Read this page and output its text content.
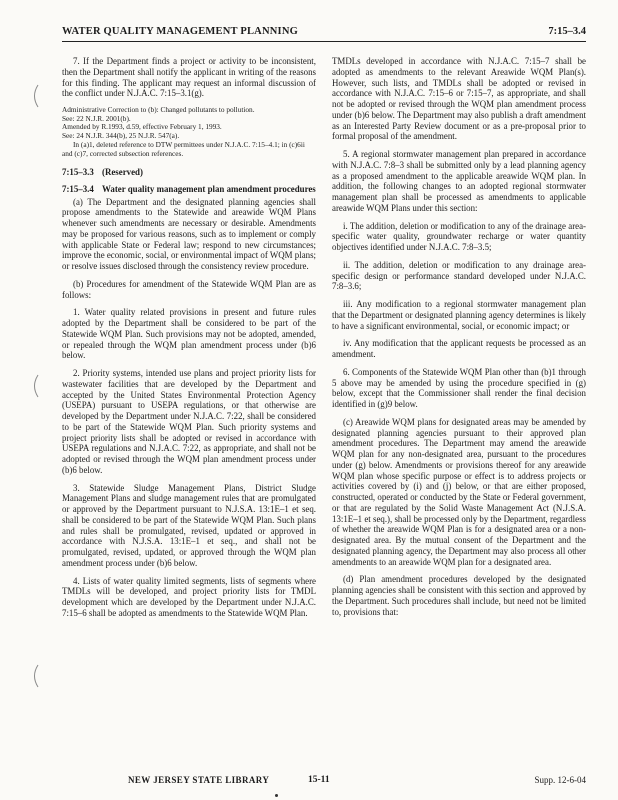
WATER QUALITY MANAGEMENT PLANNING	7:15–3.4

7. If the Department finds a project or activity to be inconsistent, then the Department shall notify the applicant in writing of the reasons for this finding. The applicant may request an informal discussion of the conflict under N.J.A.C. 7:15–3.1(g).

Administrative Correction to (b): Changed pollutants to pollution.

See: 22 N.J.R. 2001(b).

Amended by R.1993, d.59, effective February 1, 1993.

See: 24 N.J.R. 344(b), 25 N.J.R. 547(a).

In (a)1, deleted reference to DTW permittees under N.J.A.C. 7:15–4.1; in (c)6ii and (c)7, corrected subsection references.

7:15–3.3 (Reserved)
7:15–3.4 Water quality management plan amendment procedures

(a) The Department and the designated planning agencies shall propose amendments to the Statewide and areawide WQM Plans whenever such amendments are necessary or desirable. Amendments may be proposed for various reasons, such as to implement or comply with applicable State or Federal law; respond to new circumstances; improve the economic, social, or environmental impact of WQM plans; or resolve issues disclosed through the consistency review procedure.

(b) Procedures for amendment of the Statewide WQM Plan are as follows:

1. Water quality related provisions in present and future rules adopted by the Department shall be considered to be part of the Statewide WQM Plan. Such provisions may not be adopted, amended, or repealed through the WQM plan amendment process under (b)6 below.

2. Priority systems, intended use plans and project priority lists for wastewater facilities that are developed by the Department and accepted by the United States Environmental Protection Agency (USEPA) pursuant to USEPA regulations, or that otherwise are developed by the Department under N.J.A.C. 7:22, shall be considered to be part of the Statewide WQM Plan. Such priority systems and project priority lists shall be adopted or revised in accordance with USEPA regulations and N.J.A.C. 7:22, as appropriate, and shall not be adopted or revised through the WQM plan amendment process under (b)6 below.

3. Statewide Sludge Management Plans, District Sludge Management Plans and sludge management rules that are promulgated or approved by the Department pursuant to N.J.S.A. 13:1E–1 et seq. shall be considered to be part of the Statewide WQM Plan. Such plans and rules shall be promulgated, revised, updated or approved in accordance with N.J.S.A. 13:1E–1 et seq., and shall not be promulgated, revised, updated, or approved through the WQM plan amendment process under (b)6 below.

4. Lists of water quality limited segments, lists of segments where TMDLs will be developed, and project priority lists for TMDL development which are developed by the Department under N.J.A.C. 7:15–6 shall be adopted as amendments to the Statewide WQM Plan.

TMDLs developed in accordance with N.J.A.C. 7:15–7 shall be adopted as amendments to the relevant Areawide WQM Plan(s). However, such lists, and TMDLs shall be adopted or revised in accordance with N.J.A.C. 7:15–6 or 7:15–7, as appropriate, and shall not be adopted or revised through the WQM plan amendment process under (b)6 below. The Department may also publish a draft amendment as an Interested Party Review document or as a pre-proposal prior to formal proposal of the amendment.

5. A regional stormwater management plan prepared in accordance with N.J.A.C. 7:8–3 shall be submitted only by a lead planning agency as a proposed amendment to the applicable areawide WQM plan. In addition, the following changes to an adopted regional stormwater management plan shall be processed as amendments to applicable areawide WQM Plans under this section:

i. The addition, deletion or modification to any of the drainage area-specific water quality, groundwater recharge or water quantity objectives identified under N.J.A.C. 7:8–3.5;

ii. The addition, deletion or modification to any drainage area-specific design or performance standard developed under N.J.A.C. 7:8–3.6;

iii. Any modification to a regional stormwater management plan that the Department or designated planning agency determines is likely to have a significant environmental, social, or economic impact; or

iv. Any modification that the applicant requests be processed as an amendment.

6. Components of the Statewide WQM Plan other than (b)1 through 5 above may be amended by using the procedure specified in (g) below, except that the Commissioner shall render the final decision identified in (g)9 below.

(c) Areawide WQM plans for designated areas may be amended by designated planning agencies pursuant to their approved plan amendment procedures. The Department may amend the areawide WQM plan for any non-designated area, pursuant to the procedures under (g) below. Amendments or provisions thereof for any areawide WQM plan whose specific purpose or effect is to address projects or activities covered by (i) and (j) below, or that are either proposed, constructed, operated or conducted by the State or Federal government, or that are regulated by the Solid Waste Management Act (N.J.S.A. 13:1E–1 et seq.), shall be processed only by the Department, regardless of whether the areawide WQM Plan is for a designated area or a non-designated area. By the mutual consent of the Department and the designated planning agency, the Department may also process all other amendments to an areawide WQM plan for a designated area.

(d) Plan amendment procedures developed by the designated planning agencies shall be consistent with this section and approved by the Department. Such procedures shall include, but need not be limited to, provisions that:

NEW JERSEY STATE LIBRARY	15-11	Supp. 12-6-04
